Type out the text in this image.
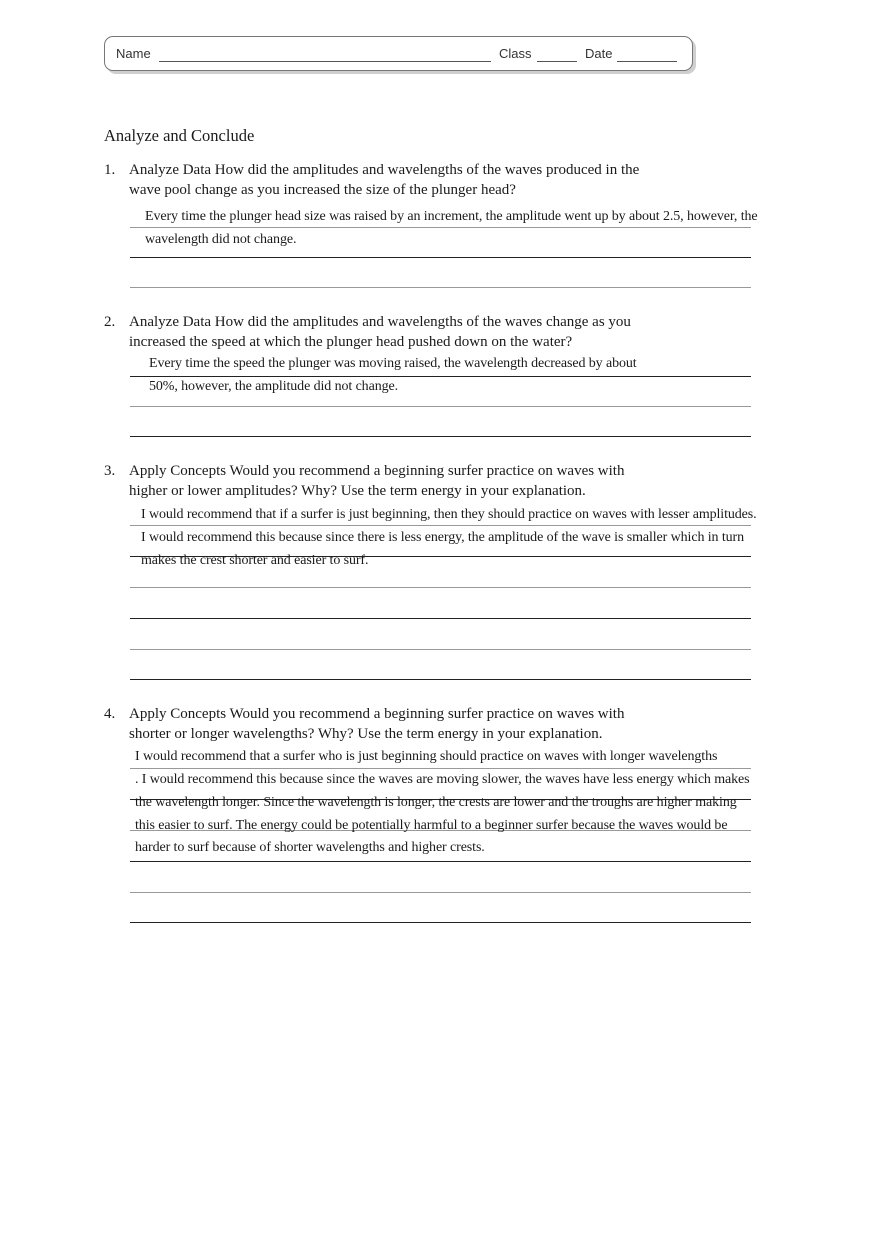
Name	Class	Date
Analyze and Conclude
1. Analyze Data How did the amplitudes and wavelengths of the waves produced in the
wave pool change as you increased the size of the plunger head?
Every time the plunger head size was raised by an increment, the amplitude went up by about 2.5, however, the
wavelength did not change.
2. Analyze Data How did the amplitudes and wavelengths of the waves change as you
increased the speed at which the plunger head pushed down on the water?
Every time the speed the plunger was moving raised, the wavelength decreased by about
50%, however, the amplitude did not change.
3. Apply Concepts Would you recommend a beginning surfer practice on waves with
higher or lower amplitudes? Why? Use the term energy in your explanation.
I would recommend that if a surfer is just beginning, then they should practice on waves with lesser amplitudes.
I would recommend this because since there is less energy, the amplitude of the wave is smaller which in turn
makes the crest shorter and easier to surf.
4. Apply Concepts Would you recommend a beginning surfer practice on waves with
shorter or longer wavelengths? Why? Use the term energy in your explanation.
I would recommend that a surfer who is just beginning should practice on waves with longer wavelengths
. I would recommend this because since the waves are moving slower, the waves have less energy which makes
the wavelength longer. Since the wavelength is longer, the crests are lower and the troughs are higher making
this easier to surf. The energy could be potentially harmful to a beginner surfer because the waves would be
harder to surf because of shorter wavelengths and higher crests.
